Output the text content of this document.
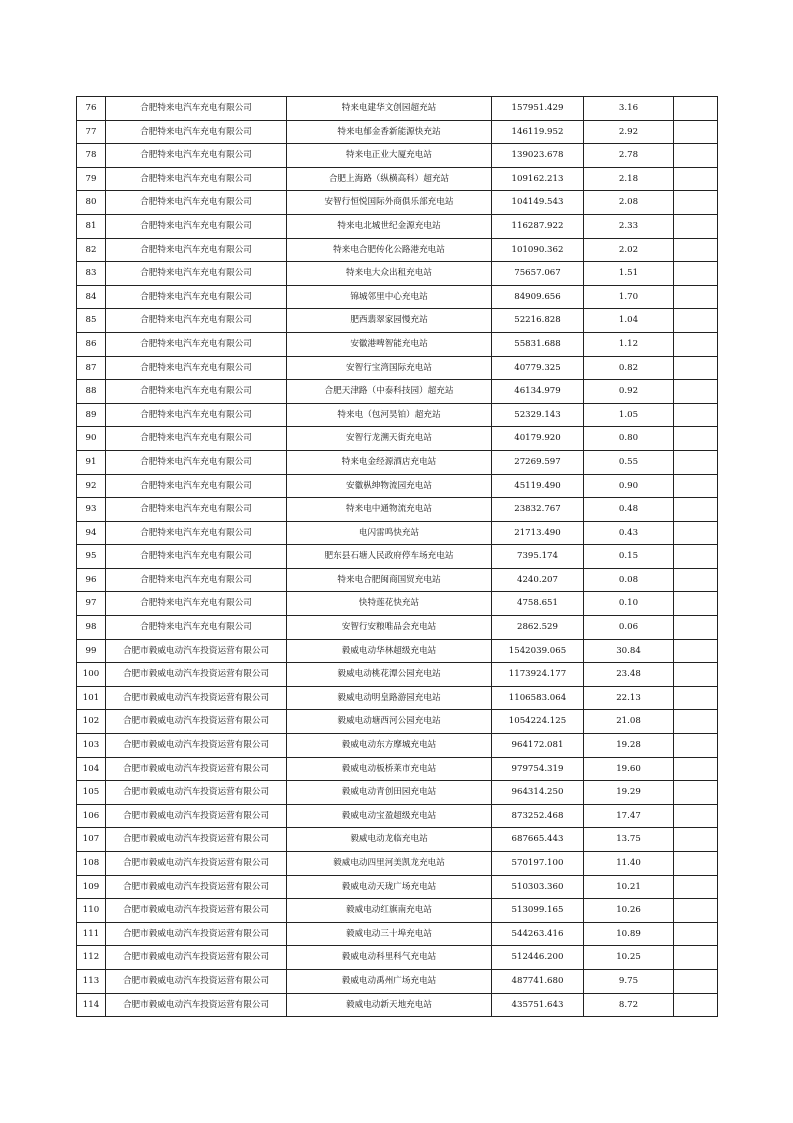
76	合肥特来电汽车充电有限公司	特来电建华文创园超充站	157951.429	3.16	
77	合肥特来电汽车充电有限公司	特来电郁金香新能源快充站	146119.952	2.92	
78	合肥特来电汽车充电有限公司	特来电正业大厦充电站	139023.678	2.78	
79	合肥特来电汽车充电有限公司	合肥上海路（纵横高科）超充站	109162.213	2.18	
80	合肥特来电汽车充电有限公司	安智行恒悦国际外商俱乐部充电站	104149.543	2.08	
81	合肥特来电汽车充电有限公司	特来电北城世纪金源充电站	116287.922	2.33	
82	合肥特来电汽车充电有限公司	特来电合肥传化公路港充电站	101090.362	2.02	
83	合肥特来电汽车充电有限公司	特来电大众出租充电站	75657.067	1.51	
84	合肥特来电汽车充电有限公司	锦城邻里中心充电站	84909.656	1.70	
85	合肥特来电汽车充电有限公司	肥西翡翠家园慢充站	52216.828	1.04	
86	合肥特来电汽车充电有限公司	安徽港啤智能充电站	55831.688	1.12	
87	合肥特来电汽车充电有限公司	安智行宝湾国际充电站	40779.325	0.82	
88	合肥特来电汽车充电有限公司	合肥天津路（中泰科技园）超充站	46134.979	0.92	
89	合肥特来电汽车充电有限公司	特来电（包河昊铂）超充站	52329.143	1.05	
90	合肥特来电汽车充电有限公司	安智行龙溯天街充电站	40179.920	0.80	
91	合肥特来电汽车充电有限公司	特来电金经源酒店充电站	27269.597	0.55	
92	合肥特来电汽车充电有限公司	安徽枞绅物流园充电站	45119.490	0.90	
93	合肥特来电汽车充电有限公司	特来电中通物流充电站	23832.767	0.48	
94	合肥特来电汽车充电有限公司	电闪雷鸣快充站	21713.490	0.43	
95	合肥特来电汽车充电有限公司	肥东县石塘人民政府停车场充电站	7395.174	0.15	
96	合肥特来电汽车充电有限公司	特来电合肥闽商国贸充电站	4240.207	0.08	
97	合肥特来电汽车充电有限公司	快特莲花快充站	4758.651	0.10	
98	合肥特来电汽车充电有限公司	安智行安粮唯品会充电站	2862.529	0.06	
99	合肥市毅威电动汽车投资运营有限公司	毅威电动华林超级充电站	1542039.065	30.84	
100	合肥市毅威电动汽车投资运营有限公司	毅威电动桃花潭公园充电站	1173924.177	23.48	
101	合肥市毅威电动汽车投资运营有限公司	毅威电动明皇路游园充电站	1106583.064	22.13	
102	合肥市毅威电动汽车投资运营有限公司	毅威电动塘西河公园充电站	1054224.125	21.08	
103	合肥市毅威电动汽车投资运营有限公司	毅威电动东方摩城充电站	964172.081	19.28	
104	合肥市毅威电动汽车投资运营有限公司	毅威电动板桥莱市充电站	979754.319	19.60	
105	合肥市毅威电动汽车投资运营有限公司	毅威电动青创田园充电站	964314.250	19.29	
106	合肥市毅威电动汽车投资运营有限公司	毅威电动宝盈超级充电站	873252.468	17.47	
107	合肥市毅威电动汽车投资运营有限公司	毅威电动龙临充电站	687665.443	13.75	
108	合肥市毅威电动汽车投资运营有限公司	毅威电动四里河美凯龙充电站	570197.100	11.40	
109	合肥市毅威电动汽车投资运营有限公司	毅威电动天珑广场充电站	510303.360	10.21	
110	合肥市毅威电动汽车投资运营有限公司	毅威电动红旗南充电站	513099.165	10.26	
111	合肥市毅威电动汽车投资运营有限公司	毅威电动三十埠充电站	544263.416	10.89	
112	合肥市毅威电动汽车投资运营有限公司	毅威电动科里科气充电站	512446.200	10.25	
113	合肥市毅威电动汽车投资运营有限公司	毅威电动禹州广场充电站	487741.680	9.75	
114	合肥市毅威电动汽车投资运营有限公司	毅威电动新天地充电站	435751.643	8.72	
